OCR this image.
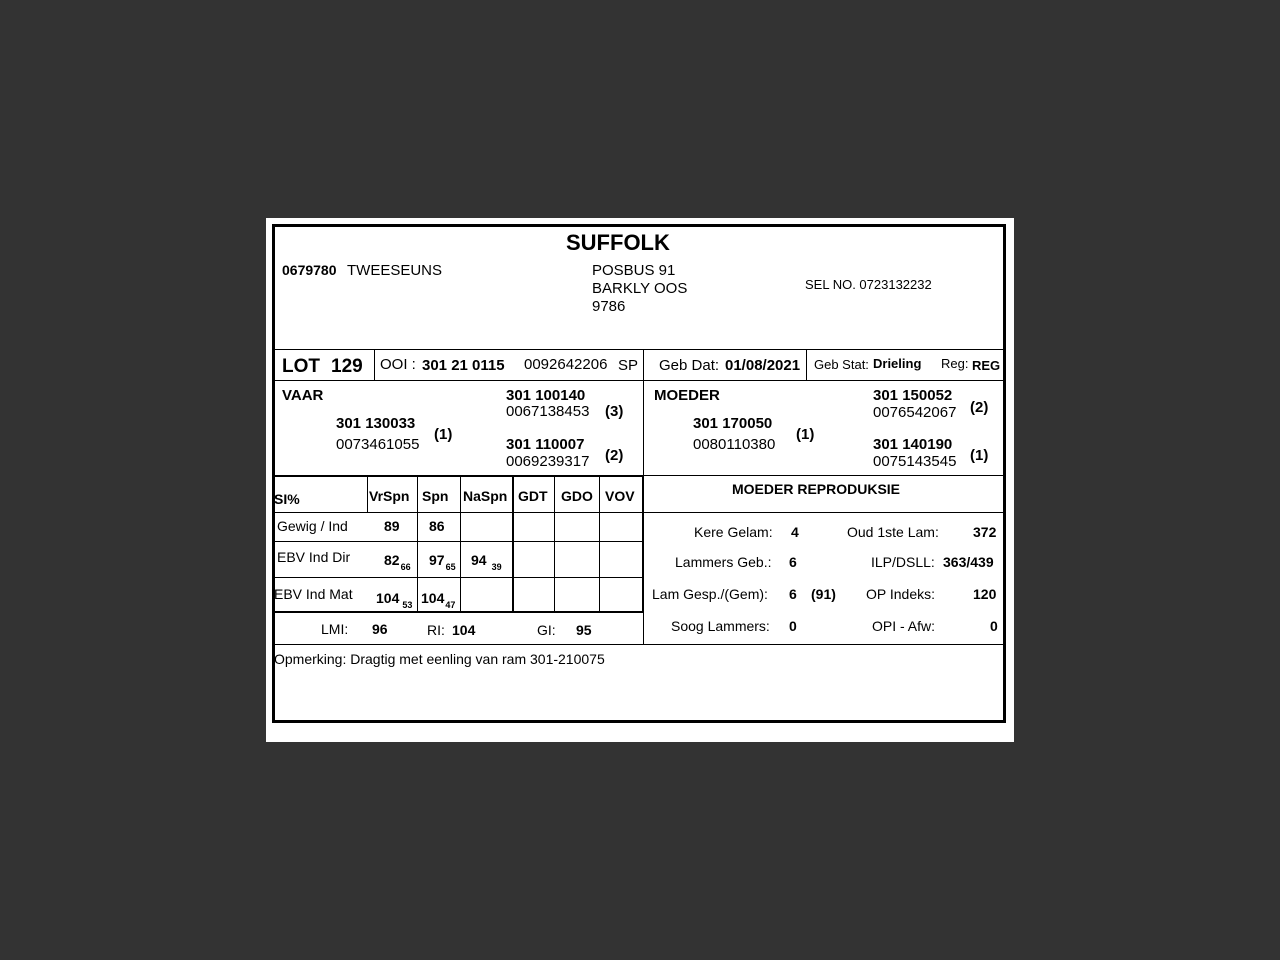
SUFFOLK
0679780 TWEESEUNS	POSBUS 91
BARKLY OOS
9786
SEL NO. 0723132232
LOT 129 OOI : 301 21 0115 0092642206 SP Geb Dat: 01/08/2021 Geb Stat: Drieling Reg: REG
VAAR
301 130033
0073461055
(1)
301 100140
0067138453 (3)
301 110007
0069239317 (2)
MOEDER
301 170050
0080110380
(1)
301 150052
0076542067 (2)
301 140190
0075143545 (1)
SI%	VrSpn Spn NaSpn GDT GDO VOV
Gewig / Ind	89 86
EBV Ind Dir $82_{66}$ $97_{65}$ 94 $_{39}$
EBV Ind Mat 104 $_{53}$ $104_{47}$
LMI: 96	RI: 104	GI: 95
MOEDER REPRODUKSIE
Kere Gelam: 4	Oud 1ste Lam: 372
Lammers Geb.: 6	ILP/DSLL: 363/439
Lam Gesp./(Gem): 6 (91) OP Indeks:	120
Soog Lammers: 0	OPI - Afw:	0
Opmerking: Dragtig met eenling van ram 301-210075
